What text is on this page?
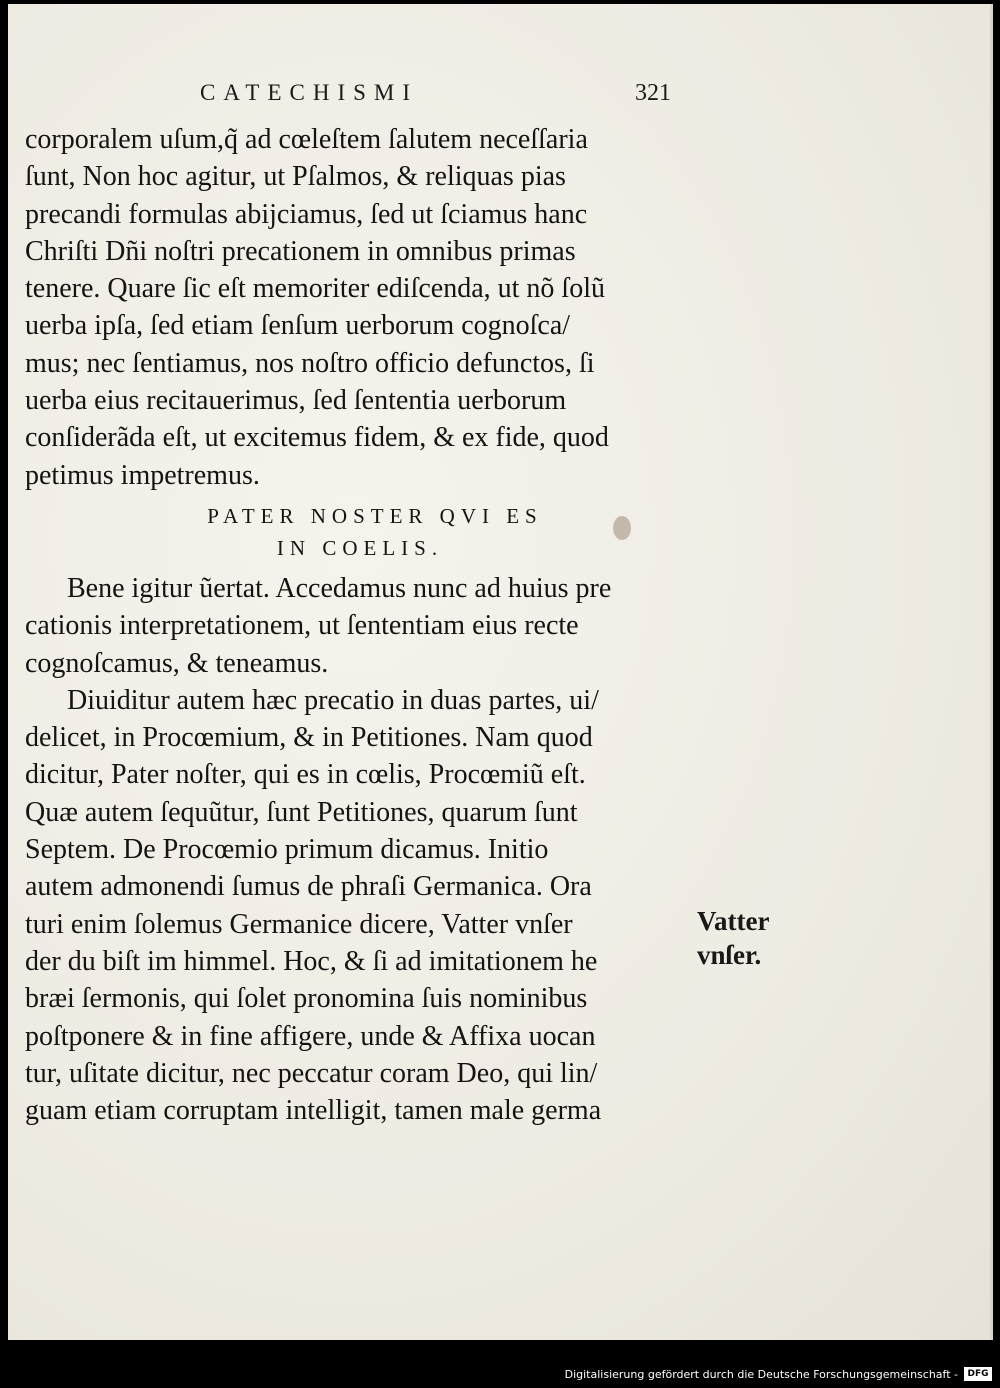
CATECHISMI	321
corporalem uſum,q̃ ad cœleſtem ſalutem neceſſaria
ſunt, Non hoc agitur, ut Pſalmos, & reliquas pias
precandi formulas abijciamus, ſed ut ſciamus hanc
Chriſti Dñi noſtri precationem in omnibus primas
tenere. Quare ſic eſt memoriter ediſcenda, ut nõ ſolũ
uerba ipſa, ſed etiam ſenſum uerborum cognoſca/
mus; nec ſentiamus, nos noſtro officio defunctos, ſi
uerba eius recitauerimus, ſed ſententia uerborum
conſiderãda eſt, ut excitemus fidem, & ex fide, quod
petimus impetremus.
PATER NOSTER QVI ES
IN COELIS.
Bene igitur ũertat. Accedamus nunc ad huius pre
cationis interpretationem, ut ſententiam eius recte
cognoſcamus, & teneamus.
Diuiditur autem hæc precatio in duas partes, ui/
delicet, in Procœmium, & in Petitiones. Nam quod
dicitur, Pater noſter, qui es in cœlis, Procœmiũ eſt.
Quæ autem ſequũtur, ſunt Petitiones, quarum ſunt
Septem. De Procœmio primum dicamus. Initio
autem admonendi ſumus de phraſi Germanica. Ora
turi enim ſolemus Germanice dicere, Vatter vnſer
der du biſt im himmel. Hoc, & ſi ad imitationem he
bræi ſermonis, qui ſolet pronomina ſuis nominibus
poſtponere & in fine affigere, unde & Affixa uocan
tur, uſitate dicitur, nec peccatur coram Deo, qui lin/
guam etiam corruptam intelligit, tamen male germa
Vatter
vnſer.
Digitalisierung gefördert durch die Deutsche Forschungsgemeinschaft -	DFG
